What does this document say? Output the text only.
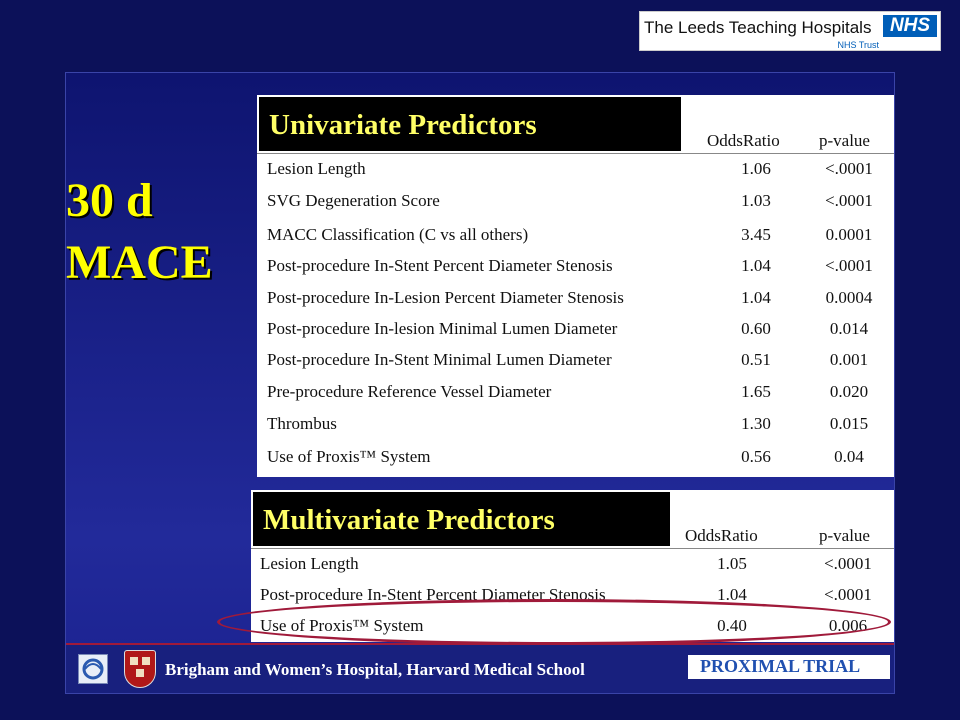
The Leeds Teaching Hospitals NHS
NHS Trust
30 d
MACE
Univariate Predictors	OddsRatio p-value
Lesion Length	1.06	<.0001
SVG Degeneration Score	1.03	<.0001
MACC Classification (C vs all others)	3.45	0.0001
Post-procedure In-Stent Percent Diameter Stenosis	1.04	<.0001
Post-procedure In-Lesion Percent Diameter Stenosis	1.04	0.0004
Post-procedure In-lesion Minimal Lumen Diameter	0.60	0.014
Post-procedure In-Stent Minimal Lumen Diameter	0.51	0.001
Pre-procedure Reference Vessel Diameter	1.65	0.020
Thrombus	1.30	0.015
Use of Proxis™ System	0.56	0.04
Multivariate Predictors	OddsRatio	p-value
Lesion Length	1.05	<.0001
Post-procedure In-Stent Percent Diameter Stenosis	1.04	<.0001
Use of Proxis™ System	0.40	0.006
Brigham and Women’s Hospital, Harvard Medical School	PROXIMAL TRIAL
